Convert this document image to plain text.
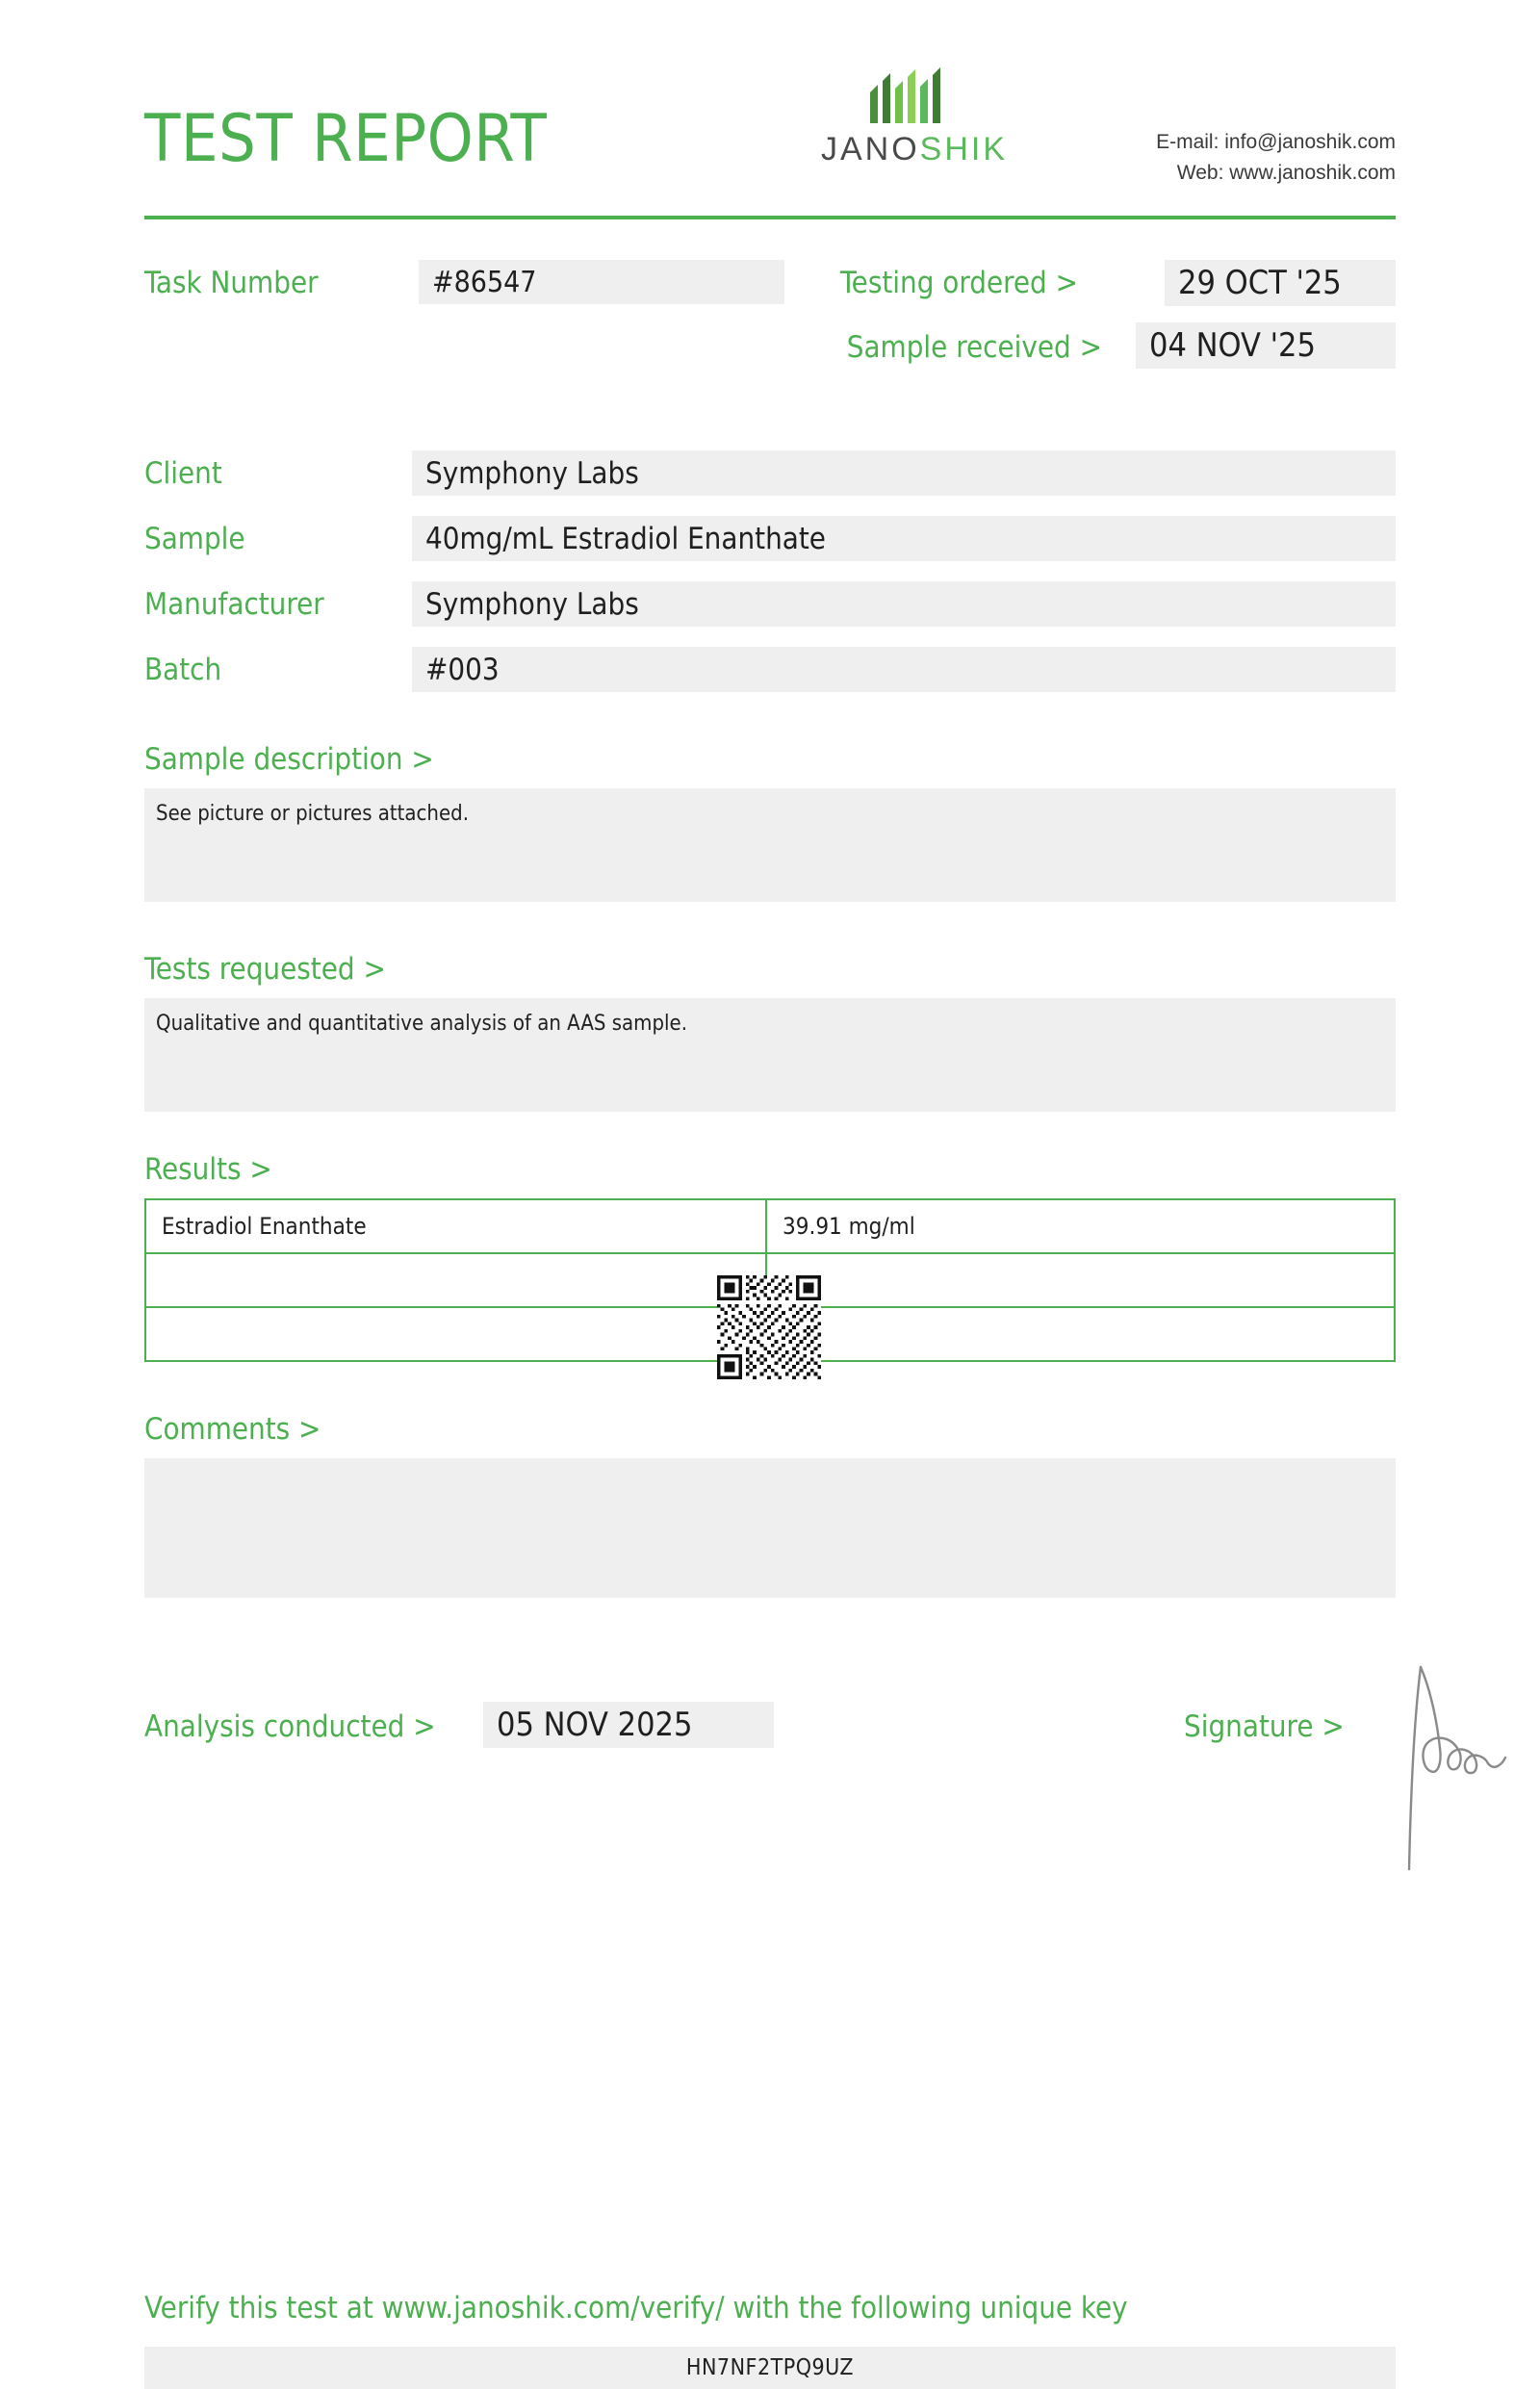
TEST REPORT	JANOSHIK	E-mail: info@janoshik.com
Web: www.janoshik.com
Task Number	#86547	Testing ordered >	29 OCT '25
Sample received >	04 NOV '25
Client	Symphony Labs
Sample	40mg/mL Estradiol Enanthate
Manufacturer	Symphony Labs
Batch	#003
Sample description >
See picture or pictures attached.
Tests requested >
Qualitative and quantitative analysis of an AAS sample.
Results >
Estradiol Enanthate	39.91 mg/ml

Comments >
Analysis conducted >	05 NOV 2025	Signature >
Verify this test at www.janoshik.com/verify/ with the following unique key
HN7NF2TPQ9UZ
